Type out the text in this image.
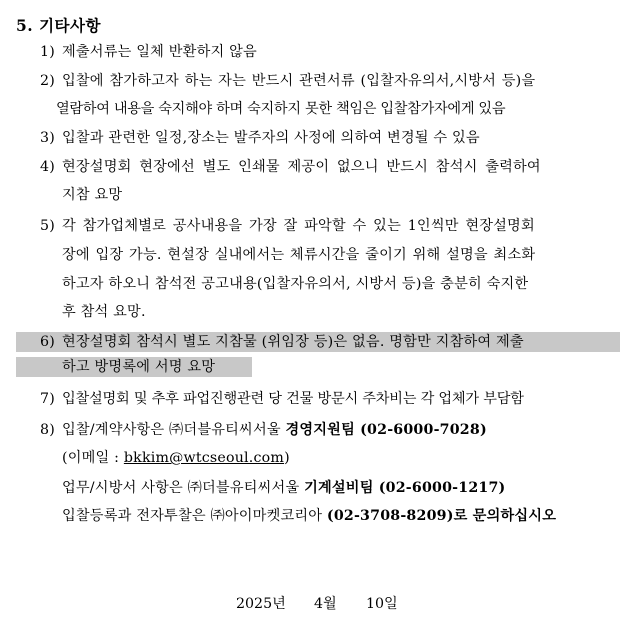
5. 기타사항
1) 제출서류는 일체 반환하지 않음
2) 입찰에 참가하고자 하는 자는 반드시 관련서류 (입찰자유의서,시방서 등)을
열람하여 내용을 숙지해야 하며 숙지하지 못한 책임은 입찰참가자에게 있음
3) 입찰과 관련한 일정,장소는 발주자의 사정에 의하여 변경될 수 있음
4) 현장설명회 현장에선 별도 인쇄물 제공이 없으니 반드시 참석시 출력하여
지참 요망
5) 각 참가업체별로 공사내용을 가장 잘 파악할 수 있는 1인씩만 현장설명회
장에 입장 가능. 현설장 실내에서는 체류시간을 줄이기 위해 설명을 최소화
하고자 하오니 참석전 공고내용(입찰자유의서, 시방서 등)을 충분히 숙지한
후 참석 요망.
6) 현장설명회 참석시 별도 지참물 (위임장 등)은 없음. 명함만 지참하여 제출
하고 방명록에 서명 요망
7) 입찰설명회 및 추후 파업진행관련 당 건물 방문시 주차비는 각 업체가 부담함
8) 입찰/계약사항은 ㈜더블유티씨서울 경영지원팀 (02-6000-7028)
(이메일 : bkkim@wtcseoul.com)
업무/시방서 사항은 ㈜더블유티씨서울 기계설비팀 (02-6000-1217)
입찰등록과 전자투찰은 ㈜아이마켓코리아 (02-3708-8209)로 문의하십시오
2025년 4월 10일
